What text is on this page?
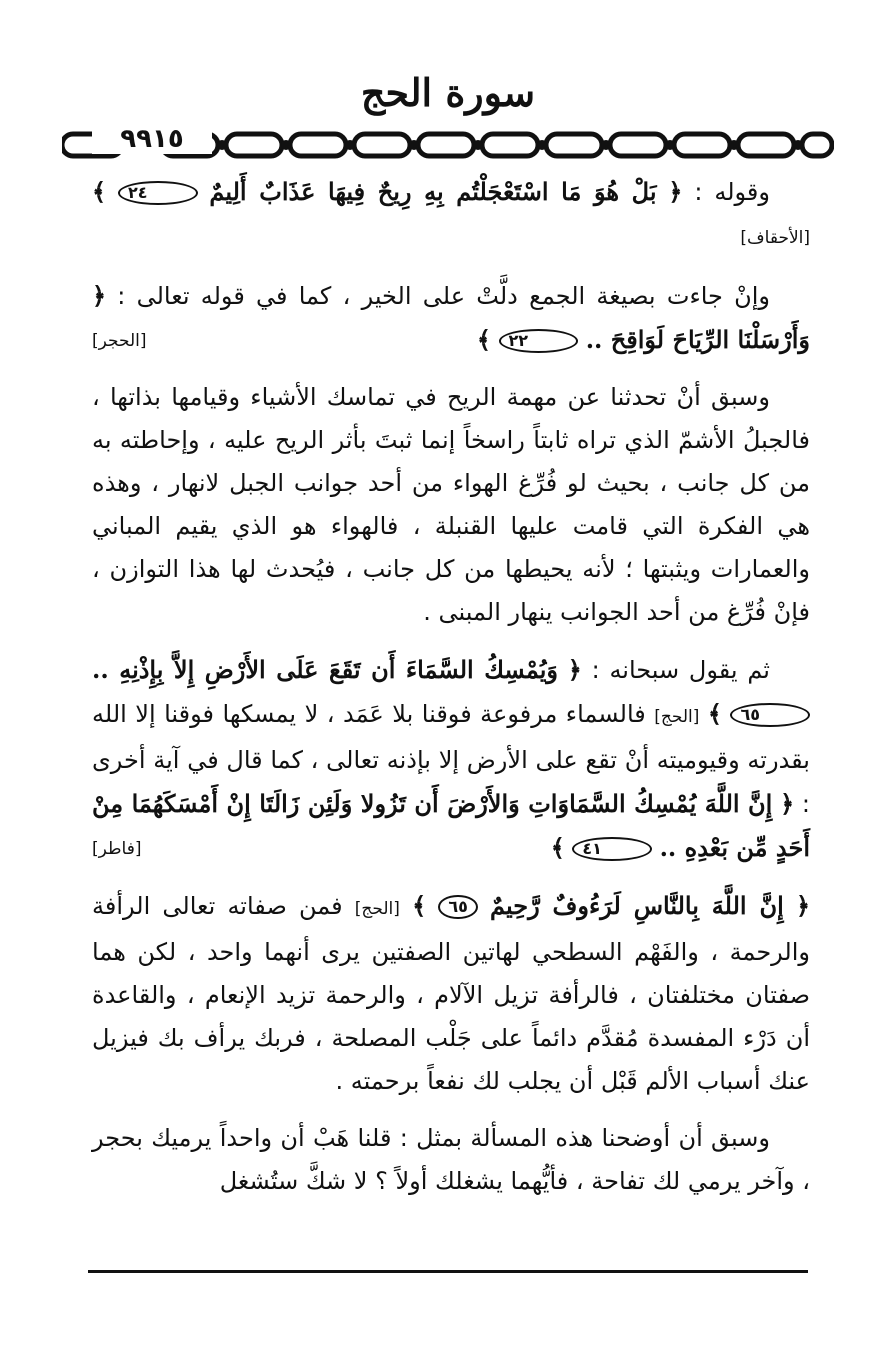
سورة الحج
٩٩١٥

وقوله : ﴿ بَلْ هُوَ مَا اسْتَعْجَلْتُم بِهِ رِيحٌ فِيهَا عَذَابٌ أَلِيمٌ ٢٤ ﴾ [الأحقاف]

وإنْ جاءت بصيغة الجمع دلَّتْ على الخير ، كما في قوله تعالى : ﴿ وَأَرْسَلْنَا الرِّيَاحَ لَوَاقِحَ .. ٢٢ ﴾
[الحجر]

وسبق أنْ تحدثنا عن مهمة الريح في تماسك الأشياء وقيامها بذاتها ، فالجبلُ الأشمّ الذي تراه ثابتاً راسخاً إنما ثبتَ بأثر الريح عليه ، وإحاطته به من كل جانب ، بحيث لو فُرِّغ الهواء من أحد جوانب الجبل لانهار ، وهذه هي الفكرة التي قامت عليها القنبلة ، فالهواء هو الذي يقيم المباني والعمارات ويثبتها ؛ لأنه يحيطها من كل جانب ، فيُحدث لها هذا التوازن ، فإنْ فُرِّغ من أحد الجوانب ينهار المبنى .

ثم يقول سبحانه : ﴿ وَيُمْسِكُ السَّمَاءَ أَن تَقَعَ عَلَى الأَرْضِ إِلاَّ بِإِذْنِهِ .. ٦٥ ﴾ [الحج] فالسماء مرفوعة فوقنا بلا عَمَد ، لا يمسكها فوقنا إلا الله بقدرته وقيوميته أنْ تقع على الأرض إلا بإذنه تعالى ، كما قال في آية أخرى : ﴿ إِنَّ اللَّهَ يُمْسِكُ السَّمَاوَاتِ وَالأَرْضَ أَن تَزُولا وَلَئِن زَالَتَا إِنْ أَمْسَكَهُمَا مِنْ أَحَدٍ مِّن بَعْدِهِ .. ٤١ ﴾
[فاطر]

﴿ إِنَّ اللَّهَ بِالنَّاسِ لَرَءُوفٌ رَّحِيمٌ ٦٥ ﴾ [الحج] فمن صفاته تعالى الرأفة والرحمة ، والفَهْم السطحي لهاتين الصفتين يرى أنهما واحد ، لكن هما صفتان مختلفتان ، فالرأفة تزيل الآلام ، والرحمة تزيد الإنعام ، والقاعدة أن دَرْء المفسدة مُقدَّم دائماً على جَلْب المصلحة ، فربك يرأف بك فيزيل عنك أسباب الألم قَبْل أن يجلب لك نفعاً برحمته .

وسبق أن أوضحنا هذه المسألة بمثل : قلنا هَبْ أن واحداً يرميك بحجر ، وآخر يرمي لك تفاحة ، فأيُّهما يشغلك أولاً ؟ لا شكَّ ستُشغل
